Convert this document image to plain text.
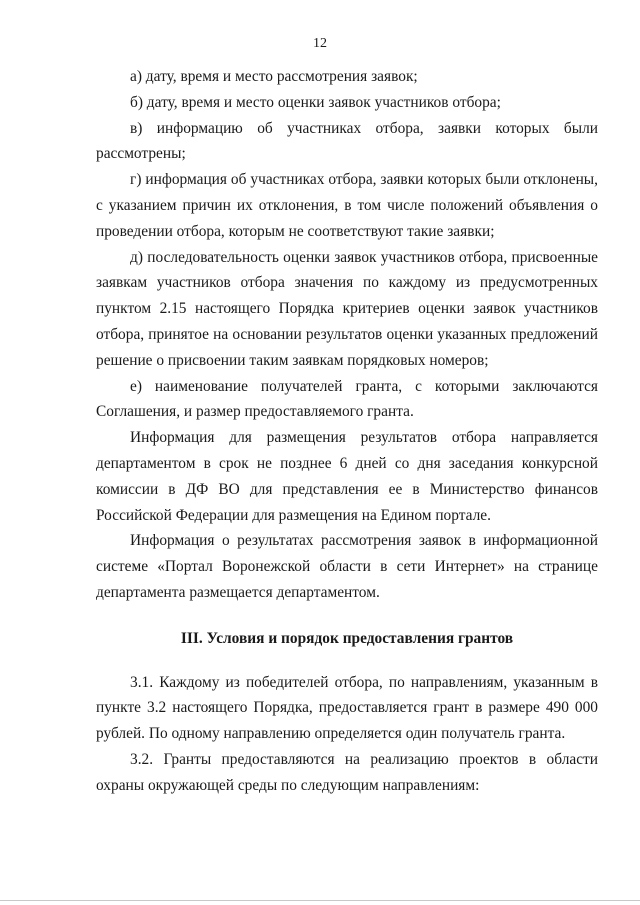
12

а) дату, время и место рассмотрения заявок;

б) дату, время и место оценки заявок участников отбора;

в) информацию об участниках отбора, заявки которых были рассмотрены;

г) информация об участниках отбора, заявки которых были отклонены, с указанием причин их отклонения, в том числе положений объявления о проведении отбора, которым не соответствуют такие заявки;

д) последовательность оценки заявок участников отбора, присвоенные заявкам участников отбора значения по каждому из предусмотренных пунктом 2.15 настоящего Порядка критериев оценки заявок участников отбора, принятое на основании результатов оценки указанных предложений решение о присвоении таким заявкам порядковых номеров;

е) наименование получателей гранта, с которыми заключаются Соглашения, и размер предоставляемого гранта.

Информация для размещения результатов отбора направляется департаментом в срок не позднее 6 дней со дня заседания конкурсной комиссии в ДФ ВО для представления ее в Министерство финансов Российской Федерации для размещения на Едином портале.

Информация о результатах рассмотрения заявок в информационной системе «Портал Воронежской области в сети Интернет» на странице департамента размещается департаментом.

III. Условия и порядок предоставления грантов

3.1. Каждому из победителей отбора, по направлениям, указанным в пункте 3.2 настоящего Порядка, предоставляется грант в размере 490 000 рублей. По одному направлению определяется один получатель гранта.

3.2. Гранты предоставляются на реализацию проектов в области охраны окружающей среды по следующим направлениям:
